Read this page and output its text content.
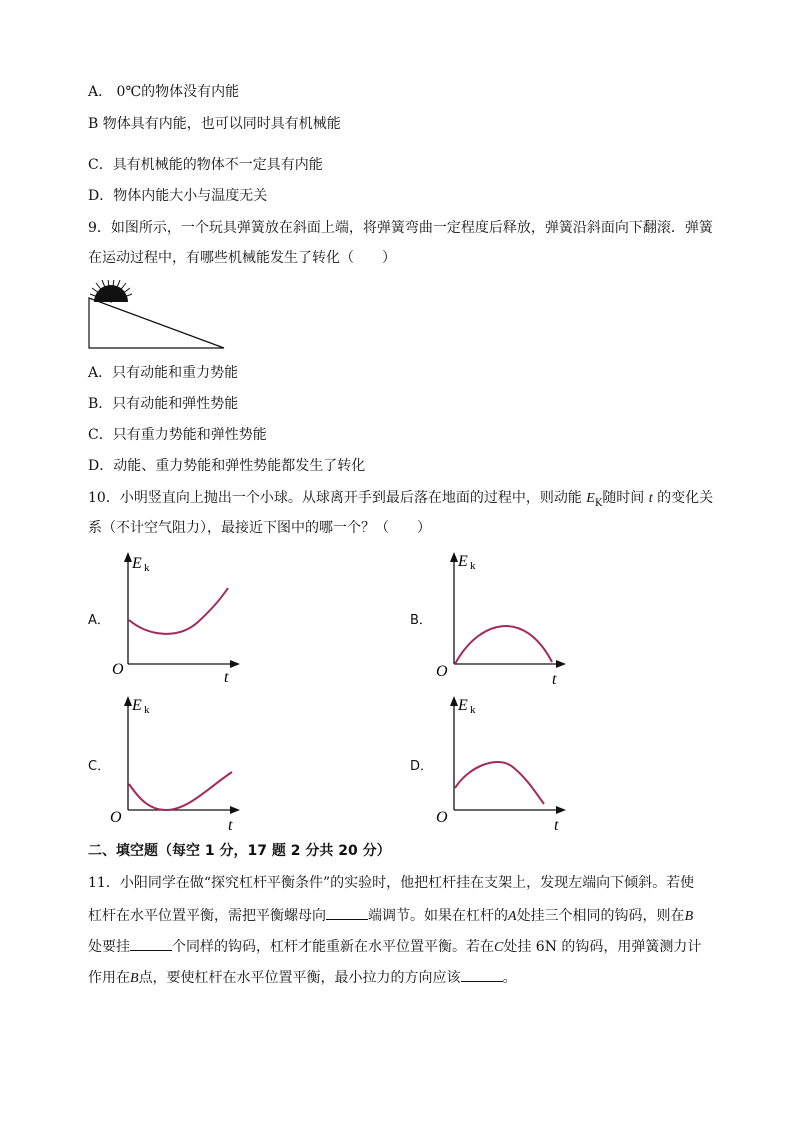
A． 0℃的物体没有内能
B 物体具有内能，也可以同时具有机械能
C．具有机械能的物体不一定具有内能
D．物体内能大小与温度无关
9．如图所示，一个玩具弹簧放在斜面上端，将弹簧弯曲一定程度后释放，弹簧沿斜面向下翻滚．弹簧
在运动过程中，有哪些机械能发生了转化（　　）
A．只有动能和重力势能
B．只有动能和弹性势能
C．只有重力势能和弹性势能
D．动能、重力势能和弹性势能都发生了转化
10．小明竖直向上抛出一个小球。从球离开手到最后落在地面的过程中，则动能 $E_K$随时间 t 的变化关
系（不计空气阻力），最接近下图中的哪一个？（　　）
A．
E k
O	t
B．
E k
O	t
C．
E k
O	t
D．
E k
O	t
二、填空题（每空 1 分，17 题 2 分共 20 分）
11．小阳同学在做“探究杠杆平衡条件”的实验时，他把杠杆挂在支架上，发现左端向下倾斜。若使
杠杆在水平位置平衡，需把平衡螺母向	端调节。如果在杠杆的A处挂三个相同的钩码，则在B
处要挂	个同样的钩码，杠杆才能重新在水平位置平衡。若在C处挂 6N 的钩码，用弹簧测力计
作用在B点，要使杠杆在水平位置平衡，最小拉力的方向应该	。
